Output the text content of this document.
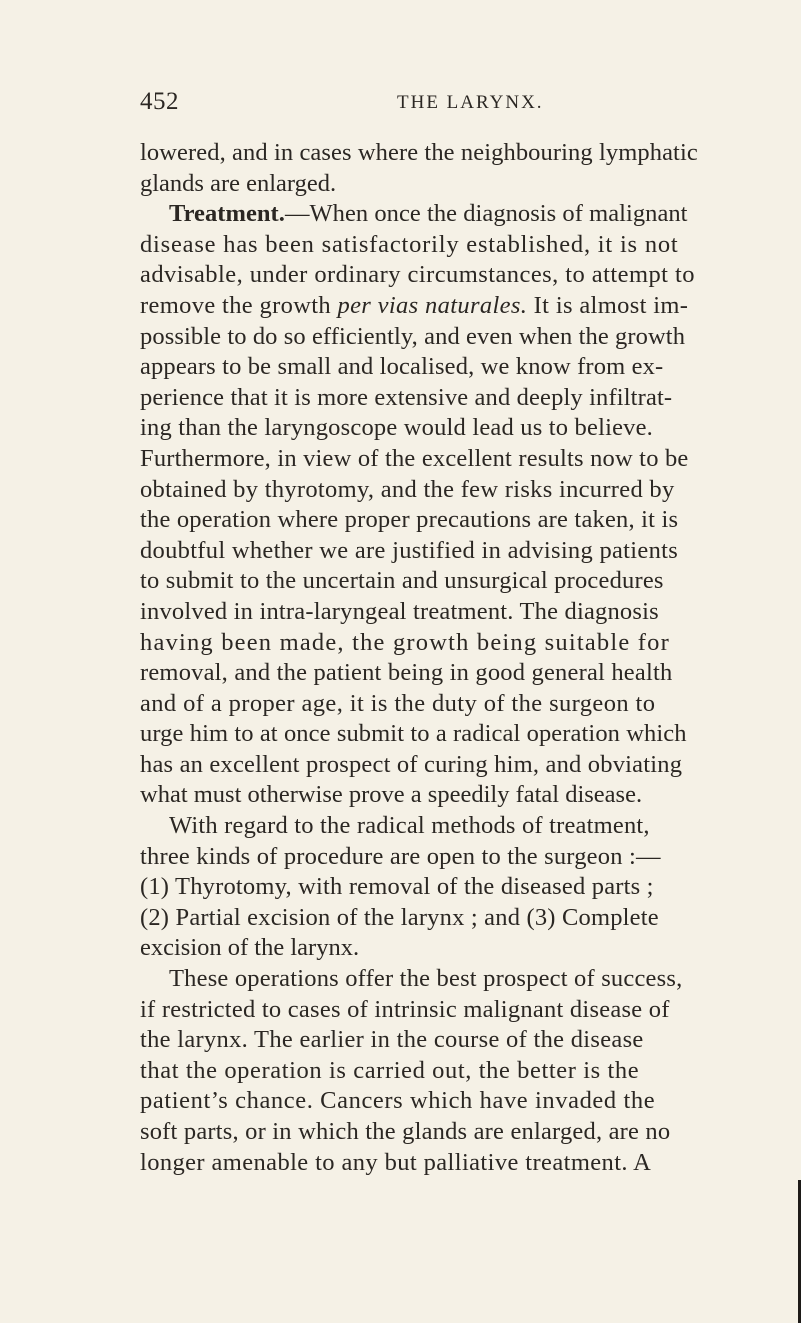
452	THE LARYNX.
lowered, and in cases where the neighbouring lymphatic
glands are enlarged.
Treatment.—When once the diagnosis of malignant
disease has been satisfactorily established, it is not
advisable, under ordinary circumstances, to attempt to
remove the growth per vias naturales. It is almost im-
possible to do so efficiently, and even when the growth
appears to be small and localised, we know from ex-
perience that it is more extensive and deeply infiltrat-
ing than the laryngoscope would lead us to believe.
Furthermore, in view of the excellent results now to be
obtained by thyrotomy, and the few risks incurred by
the operation where proper precautions are taken, it is
doubtful whether we are justified in advising patients
to submit to the uncertain and unsurgical procedures
involved in intra-laryngeal treatment. The diagnosis
having been made, the growth being suitable for
removal, and the patient being in good general health
and of a proper age, it is the duty of the surgeon to
urge him to at once submit to a radical operation which
has an excellent prospect of curing him, and obviating
what must otherwise prove a speedily fatal disease.
With regard to the radical methods of treatment,
three kinds of procedure are open to the surgeon :—
(1) Thyrotomy, with removal of the diseased parts ;
(2) Partial excision of the larynx ; and (3) Complete
excision of the larynx.
These operations offer the best prospect of success,
if restricted to cases of intrinsic malignant disease of
the larynx. The earlier in the course of the disease
that the operation is carried out, the better is the
patient’s chance. Cancers which have invaded the
soft parts, or in which the glands are enlarged, are no
longer amenable to any but palliative treatment. A
